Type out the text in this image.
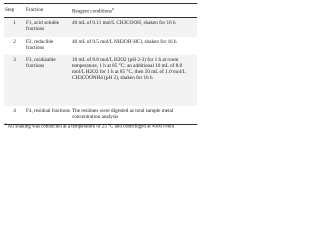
Step	Fraction	Reagent conditions$^a$
1	F1, acid soluble fractions	40 mL of 0.11 mol/L CH3COOH, shaken for 16 h
2	F2, reducible fractions	40 mL of 0.5 mol/L NH2OH·HCl, shaken for 16 h
3	F3, oxidizable fractions	10 mL of 8.8 mol/L H2O2 (pH 2-3) for 1 h at room temperature, 1 h at 85 °C; an additional 10 mL of 8.8 mol/L H2O2 for 1 h at 85 °C, then 50 mL of 1.0 mol/L CH3COONH4 (pH 2), shaken for 16 h
4	F4, residual fractions	The residues were digested as total sample metal concentration analysis
$^a$ All shaking was conducted at a temperature of 25 °C and centrifuged at 4000 r/min
